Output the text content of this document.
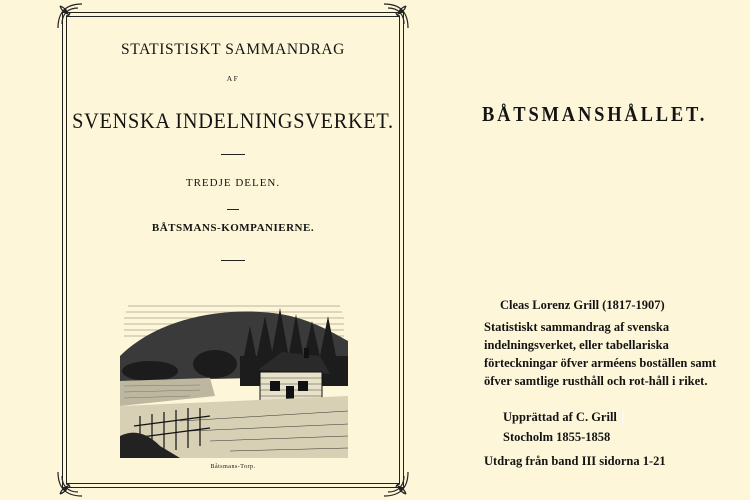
STATISTISKT SAMMANDRAG
AF
SVENSKA INDELNINGSVERKET.
TREDJE DELEN.
BÅTSMANS-KOMPANIERNE.
Båtsmans-Torp.
BÅTSMANSHÅLLET.
Cleas Lorenz Grill (1817-1907)
Statistiskt sammandrag af svenska indelningsverket, eller tabellariska förteckningar öfver arméens boställen samt öfver samtlige rusthåll och rot-håll i riket.
Upprättad af C. Grill
Stocholm 1855-1858
Utdrag från band III sidorna 1-21
